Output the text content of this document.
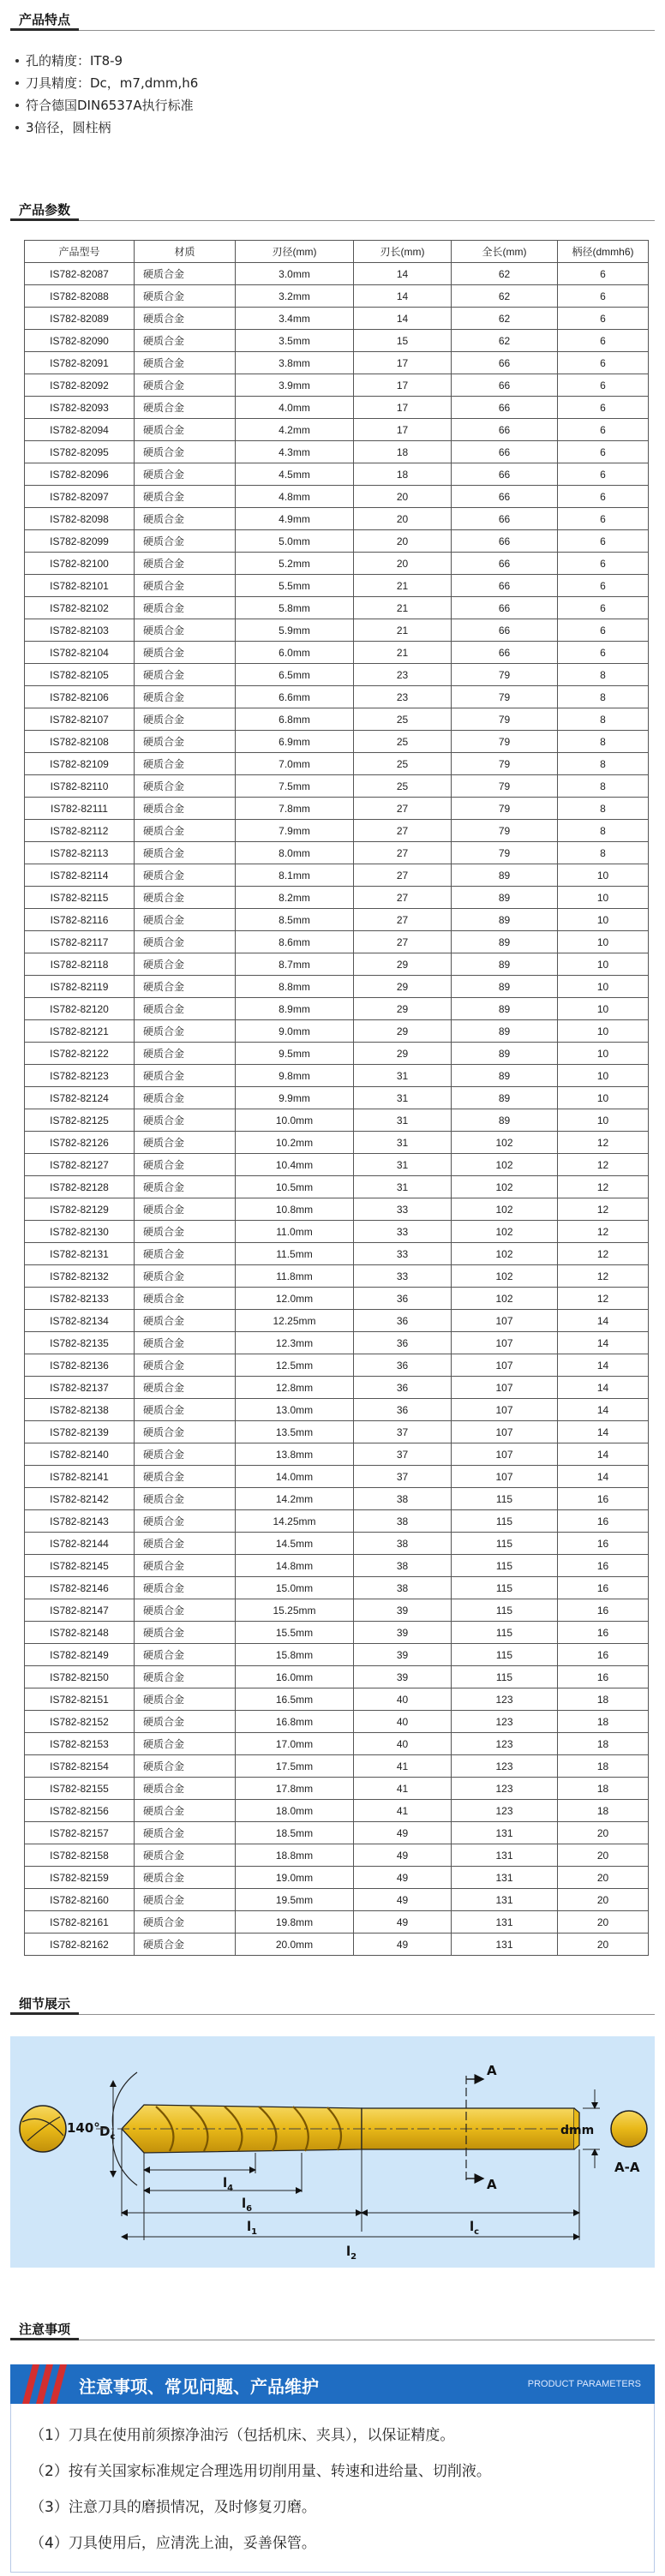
产品特点
孔的精度：IT8-9
刀具精度：Dc，m7,dmm,h6
符合德国DIN6537A执行标准
3倍径，圆柱柄
产品参数
产品型号	材质	刃径(mm)	刃长(mm)	全长(mm)	柄径(dmmh6)
IS782-82087	硬质合金	3.0mm	14	62	6
IS782-82088	硬质合金	3.2mm	14	62	6
IS782-82089	硬质合金	3.4mm	14	62	6
IS782-82090	硬质合金	3.5mm	15	62	6
IS782-82091	硬质合金	3.8mm	17	66	6
IS782-82092	硬质合金	3.9mm	17	66	6
IS782-82093	硬质合金	4.0mm	17	66	6
IS782-82094	硬质合金	4.2mm	17	66	6
IS782-82095	硬质合金	4.3mm	18	66	6
IS782-82096	硬质合金	4.5mm	18	66	6
IS782-82097	硬质合金	4.8mm	20	66	6
IS782-82098	硬质合金	4.9mm	20	66	6
IS782-82099	硬质合金	5.0mm	20	66	6
IS782-82100	硬质合金	5.2mm	20	66	6
IS782-82101	硬质合金	5.5mm	21	66	6
IS782-82102	硬质合金	5.8mm	21	66	6
IS782-82103	硬质合金	5.9mm	21	66	6
IS782-82104	硬质合金	6.0mm	21	66	6
IS782-82105	硬质合金	6.5mm	23	79	8
IS782-82106	硬质合金	6.6mm	23	79	8
IS782-82107	硬质合金	6.8mm	25	79	8
IS782-82108	硬质合金	6.9mm	25	79	8
IS782-82109	硬质合金	7.0mm	25	79	8
IS782-82110	硬质合金	7.5mm	25	79	8
IS782-82111	硬质合金	7.8mm	27	79	8
IS782-82112	硬质合金	7.9mm	27	79	8
IS782-82113	硬质合金	8.0mm	27	79	8
IS782-82114	硬质合金	8.1mm	27	89	10
IS782-82115	硬质合金	8.2mm	27	89	10
IS782-82116	硬质合金	8.5mm	27	89	10
IS782-82117	硬质合金	8.6mm	27	89	10
IS782-82118	硬质合金	8.7mm	29	89	10
IS782-82119	硬质合金	8.8mm	29	89	10
IS782-82120	硬质合金	8.9mm	29	89	10
IS782-82121	硬质合金	9.0mm	29	89	10
IS782-82122	硬质合金	9.5mm	29	89	10
IS782-82123	硬质合金	9.8mm	31	89	10
IS782-82124	硬质合金	9.9mm	31	89	10
IS782-82125	硬质合金	10.0mm	31	89	10
IS782-82126	硬质合金	10.2mm	31	102	12
IS782-82127	硬质合金	10.4mm	31	102	12
IS782-82128	硬质合金	10.5mm	31	102	12
IS782-82129	硬质合金	10.8mm	33	102	12
IS782-82130	硬质合金	11.0mm	33	102	12
IS782-82131	硬质合金	11.5mm	33	102	12
IS782-82132	硬质合金	11.8mm	33	102	12
IS782-82133	硬质合金	12.0mm	36	102	12
IS782-82134	硬质合金	12.25mm	36	107	14
IS782-82135	硬质合金	12.3mm	36	107	14
IS782-82136	硬质合金	12.5mm	36	107	14
IS782-82137	硬质合金	12.8mm	36	107	14
IS782-82138	硬质合金	13.0mm	36	107	14
IS782-82139	硬质合金	13.5mm	37	107	14
IS782-82140	硬质合金	13.8mm	37	107	14
IS782-82141	硬质合金	14.0mm	37	107	14
IS782-82142	硬质合金	14.2mm	38	115	16
IS782-82143	硬质合金	14.25mm	38	115	16
IS782-82144	硬质合金	14.5mm	38	115	16
IS782-82145	硬质合金	14.8mm	38	115	16
IS782-82146	硬质合金	15.0mm	38	115	16
IS782-82147	硬质合金	15.25mm	39	115	16
IS782-82148	硬质合金	15.5mm	39	115	16
IS782-82149	硬质合金	15.8mm	39	115	16
IS782-82150	硬质合金	16.0mm	39	115	16
IS782-82151	硬质合金	16.5mm	40	123	18
IS782-82152	硬质合金	16.8mm	40	123	18
IS782-82153	硬质合金	17.0mm	40	123	18
IS782-82154	硬质合金	17.5mm	41	123	18
IS782-82155	硬质合金	17.8mm	41	123	18
IS782-82156	硬质合金	18.0mm	41	123	18
IS782-82157	硬质合金	18.5mm	49	131	20
IS782-82158	硬质合金	18.8mm	49	131	20
IS782-82159	硬质合金	19.0mm	49	131	20
IS782-82160	硬质合金	19.5mm	49	131	20
IS782-82161	硬质合金	19.8mm	49	131	20
IS782-82162	硬质合金	20.0mm	49	131	20
细节展示
140° $D_c$
A
A
dmm
A-A
$l_4$
$l_6$
$l_1$	$l_c$
$l_2$
注意事项
注意事项、常见问题、产品维护	PRODUCT PARAMETERS

（1）刀具在使用前须擦净油污（包括机床、夹具），以保证精度。

（2）按有关国家标准规定合理选用切削用量、转速和进给量、切削液。

（3）注意刀具的磨损情况，及时修复刃磨。

（4）刀具使用后，应清洗上油，妥善保管。
